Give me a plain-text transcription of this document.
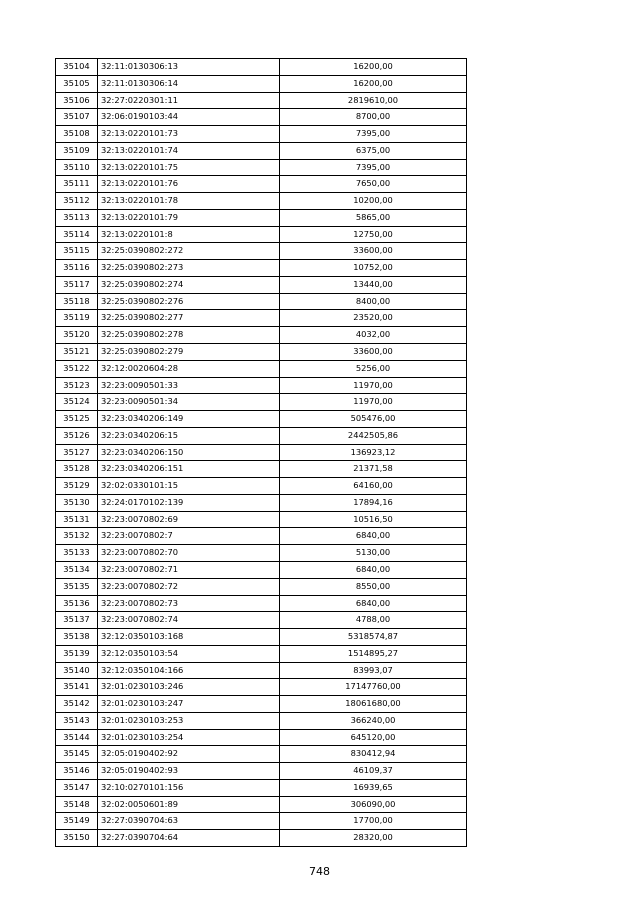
35104	32:11:0130306:13	16200,00
35105	32:11:0130306:14	16200,00
35106	32:27:0220301:11	2819610,00
35107	32:06:0190103:44	8700,00
35108	32:13:0220101:73	7395,00
35109	32:13:0220101:74	6375,00
35110	32:13:0220101:75	7395,00
35111	32:13:0220101:76	7650,00
35112	32:13:0220101:78	10200,00
35113	32:13:0220101:79	5865,00
35114	32:13:0220101:8	12750,00
35115	32:25:0390802:272	33600,00
35116	32:25:0390802:273	10752,00
35117	32:25:0390802:274	13440,00
35118	32:25:0390802:276	8400,00
35119	32:25:0390802:277	23520,00
35120	32:25:0390802:278	4032,00
35121	32:25:0390802:279	33600,00
35122	32:12:0020604:28	5256,00
35123	32:23:0090501:33	11970,00
35124	32:23:0090501:34	11970,00
35125	32:23:0340206:149	505476,00
35126	32:23:0340206:15	2442505,86
35127	32:23:0340206:150	136923,12
35128	32:23:0340206:151	21371,58
35129	32:02:0330101:15	64160,00
35130	32:24:0170102:139	17894,16
35131	32:23:0070802:69	10516,50
35132	32:23:0070802:7	6840,00
35133	32:23:0070802:70	5130,00
35134	32:23:0070802:71	6840,00
35135	32:23:0070802:72	8550,00
35136	32:23:0070802:73	6840,00
35137	32:23:0070802:74	4788,00
35138	32:12:0350103:168	5318574,87
35139	32:12:0350103:54	1514895,27
35140	32:12:0350104:166	83993,07
35141	32:01:0230103:246	17147760,00
35142	32:01:0230103:247	18061680,00
35143	32:01:0230103:253	366240,00
35144	32:01:0230103:254	645120,00
35145	32:05:0190402:92	830412,94
35146	32:05:0190402:93	46109,37
35147	32:10:0270101:156	16939,65
35148	32:02:0050601:89	306090,00
35149	32:27:0390704:63	17700,00
35150	32:27:0390704:64	28320,00
748
